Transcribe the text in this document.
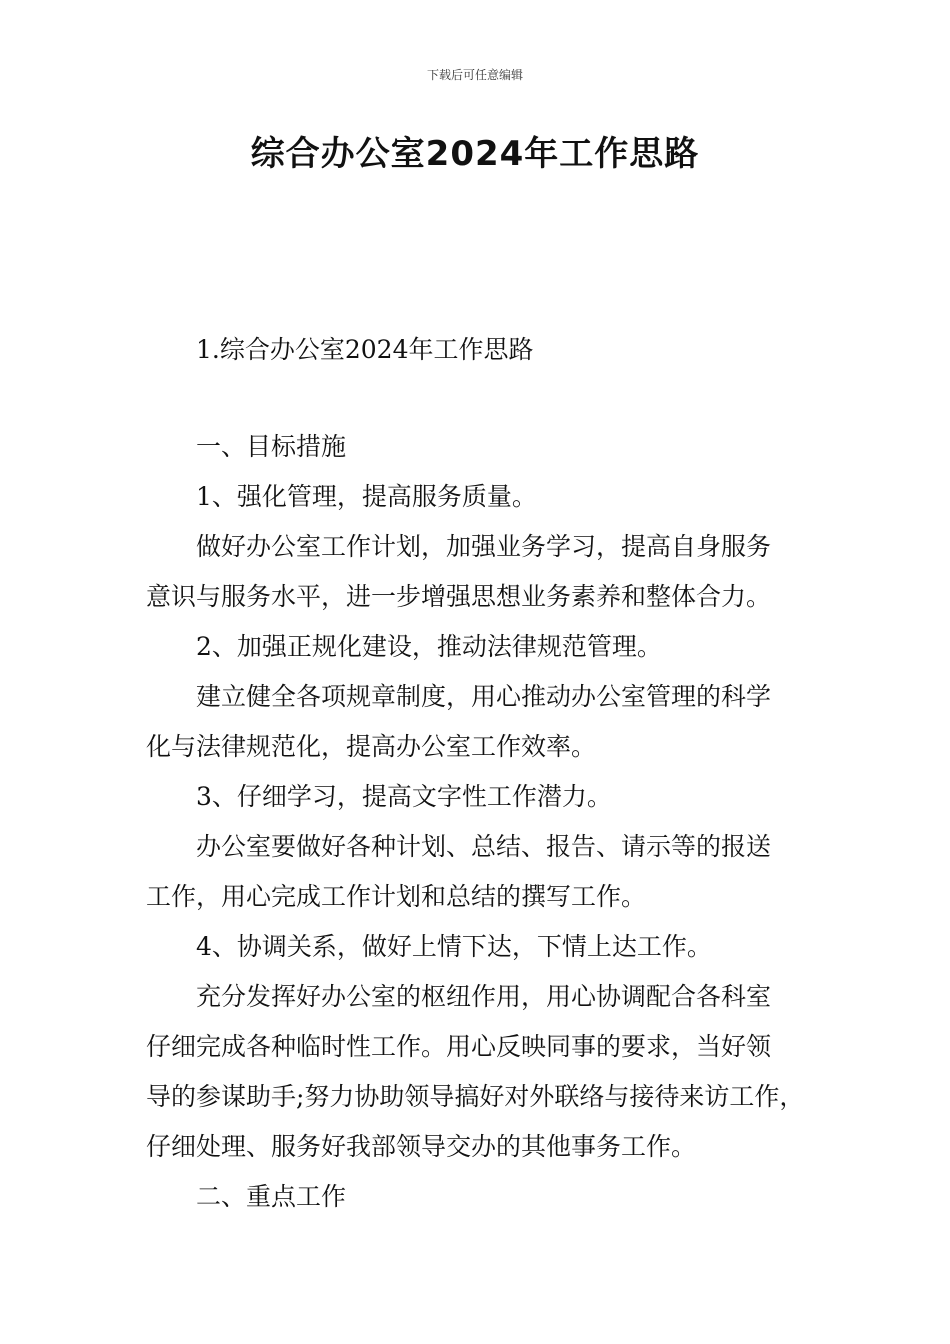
下载后可任意编辑
综合办公室2024年工作思路
1.综合办公室2024年工作思路
一、目标措施
1、强化管理，提高服务质量。
做好办公室工作计划，加强业务学习，提高自身服务
意识与服务水平，进一步增强思想业务素养和整体合力。
2、加强正规化建设，推动法律规范管理。
建立健全各项规章制度，用心推动办公室管理的科学
化与法律规范化，提高办公室工作效率。
3、仔细学习，提高文字性工作潜力。
办公室要做好各种计划、总结、报告、请示等的报送
工作，用心完成工作计划和总结的撰写工作。
4、协调关系，做好上情下达，下情上达工作。
充分发挥好办公室的枢纽作用，用心协调配合各科室
仔细完成各种临时性工作。用心反映同事的要求，当好领
导的参谋助手;努力协助领导搞好对外联络与接待来访工作，
仔细处理、服务好我部领导交办的其他事务工作。
二、重点工作
